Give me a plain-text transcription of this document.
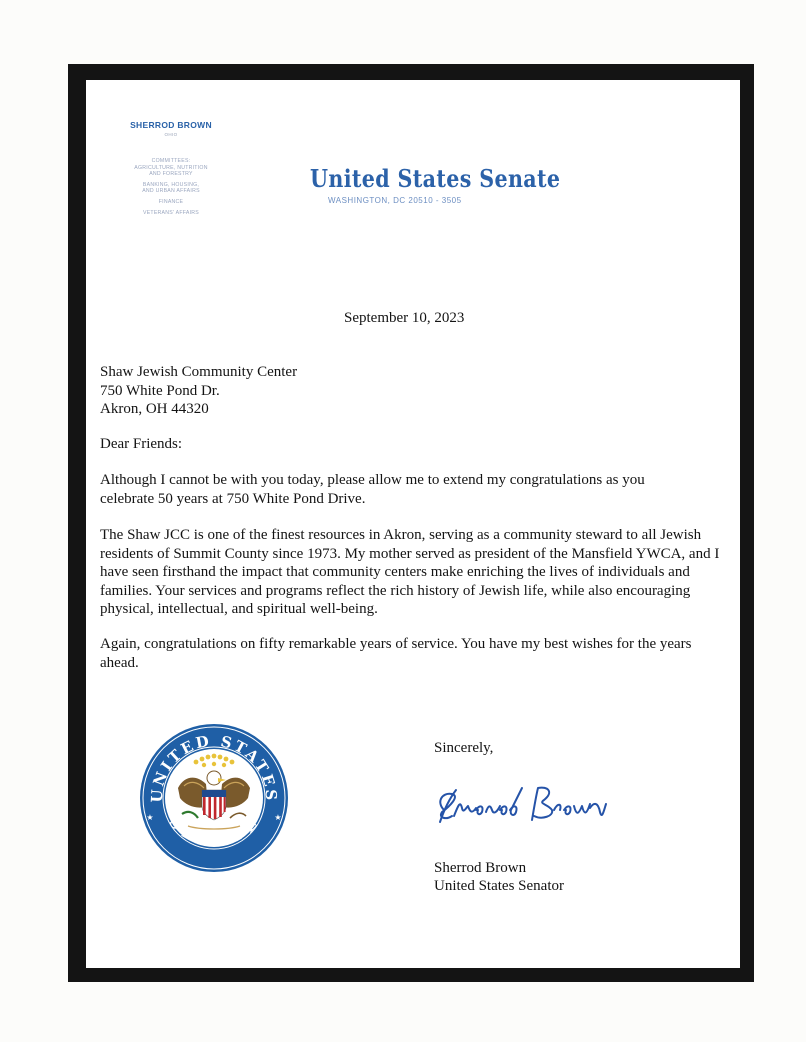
SHERROD BROWN
OHIO
COMMITTEES:
AGRICULTURE, NUTRITION
AND FORESTRY
BANKING, HOUSING,
AND URBAN AFFAIRS
FINANCE
VETERANS' AFFAIRS
United States Senate
WASHINGTON, DC 20510 - 3505
September 10, 2023
Shaw Jewish Community Center
750 White Pond Dr.
Akron, OH 44320
Dear Friends:
Although I cannot be with you today, please allow me to extend my congratulations as you celebrate 50 years at 750 White Pond Drive.
The Shaw JCC is one of the finest resources in Akron, serving as a community steward to all Jewish residents of Summit County since 1973. My mother served as president of the Mansfield YWCA, and I have seen firsthand the impact that community centers make enriching the lives of individuals and families. Your services and programs reflect the rich history of Jewish life, while also encouraging physical, intellectual, and spiritual well-being.
Again, congratulations on fifty remarkable years of service. You have my best wishes for the years ahead.
Sincerely,
Sherrod Brown
United States Senator
UNITED STATES
SENATE
★	★
